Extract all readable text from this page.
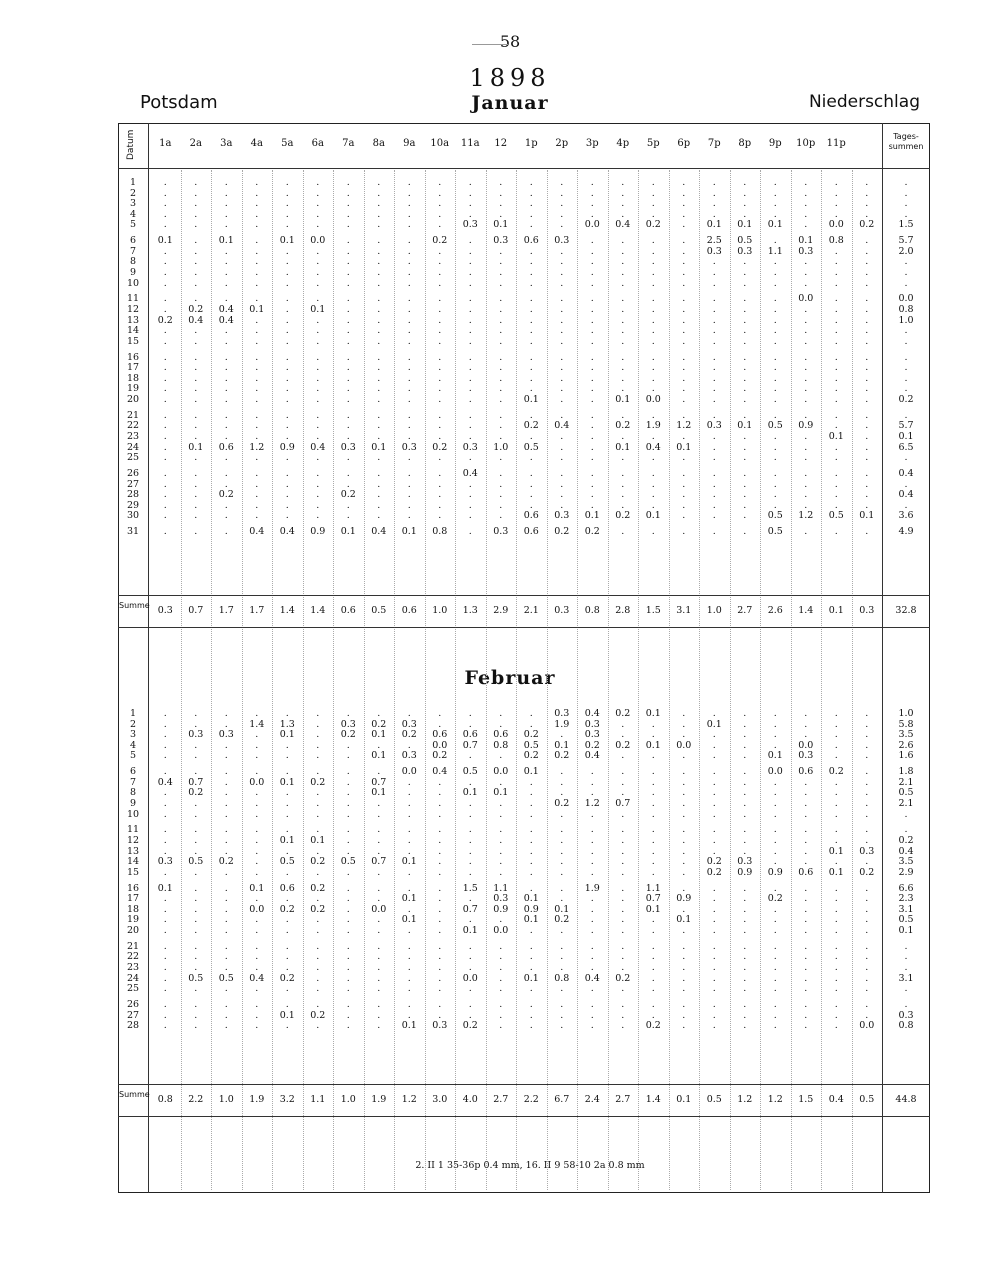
58
1898
Potsdam	Niederschlag
Januar
Februar
Datum	1a	2a	3a	4a	5a	6a	7a	8a	9a	10a	11a	12	1p	2p	3p	4p	5p	6p	7p	8p	9p	10p	11p
Tages-summen
1	.	.	.	.	.	.	.	.	.	.	.	.	.	.	.	.	.	.	.	.	.	.	.	.	.
2	.	.	.	.	.	.	.	.	.	.	.	.	.	.	.	.	.	.	.	.	.	.	.	.	.
3	.	.	.	.	.	.	.	.	.	.	.	.	.	.	.	.	.	.	.	.	.	.	.	.	.
4	.	.	.	.	.	.	.	.	.	.	.	.	.	.	.	.	.	.	.	.	.	.	.	.	.
5	.	.	.	.	.	.	.	.	.	.	0.3	0.1	.	.	0.0	0.4	0.2	.	0.1	0.1	0.1	.	0.0	0.2	1.5
6	0.1	.	0.1	.	0.1	0.0	.	.	.	0.2	.	0.3	0.6	0.3	.	.	.	.	2.5	0.5	.	0.1	0.8	.	5.7
7	.	.	.	.	.	.	.	.	.	.	.	.	.	.	.	.	.	.	0.3	0.3	1.1	0.3	.	.	2.0
8	.	.	.	.	.	.	.	.	.	.	.	.	.	.	.	.	.	.	.	.	.	.	.	.	.
9	.	.	.	.	.	.	.	.	.	.	.	.	.	.	.	.	.	.	.	.	.	.	.	.	.
10	.	.	.	.	.	.	.	.	.	.	.	.	.	.	.	.	.	.	.	.	.	.	.	.	.
11	.	.	.	.	.	.	.	.	.	.	.	.	.	.	.	.	.	.	.	.	.	0.0	.	.	0.0
12	.	0.2	0.4	0.1	.	0.1	.	.	.	.	.	.	.	.	.	.	.	.	.	.	.	.	.	.	0.8
13	0.2	0.4	0.4	.	.	.	.	.	.	.	.	.	.	.	.	.	.	.	.	.	.	.	.	.	1.0
14	.	.	.	.	.	.	.	.	.	.	.	.	.	.	.	.	.	.	.	.	.	.	.	.	.
15	.	.	.	.	.	.	.	.	.	.	.	.	.	.	.	.	.	.	.	.	.	.	.	.	.
16	.	.	.	.	.	.	.	.	.	.	.	.	.	.	.	.	.	.	.	.	.	.	.	.	.
17	.	.	.	.	.	.	.	.	.	.	.	.	.	.	.	.	.	.	.	.	.	.	.	.	.
18	.	.	.	.	.	.	.	.	.	.	.	.	.	.	.	.	.	.	.	.	.	.	.	.	.
19	.	.	.	.	.	.	.	.	.	.	.	.	.	.	.	.	.	.	.	.	.	.	.	.	.
20	.	.	.	.	.	.	.	.	.	.	.	.	0.1	.	.	0.1	0.0	.	.	.	.	.	.	.	0.2
21	.	.	.	.	.	.	.	.	.	.	.	.	.	.	.	.	.	.	.	.	.	.	.	.	.
22	.	.	.	.	.	.	.	.	.	.	.	.	0.2	0.4	.	0.2	1.9	1.2	0.3	0.1	0.5	0.9	.	.	5.7
23	.	.	.	.	.	.	.	.	.	.	.	.	.	.	.	.	.	.	.	.	.	.	0.1	.	0.1
24	.	0.1	0.6	1.2	0.9	0.4	0.3	0.1	0.3	0.2	0.3	1.0	0.5	.	.	0.1	0.4	0.1	.	.	.	.	.	.	6.5
25	.	.	.	.	.	.	.	.	.	.	.	.	.	.	.	.	.	.	.	.	.	.	.	.	.
26	.	.	.	.	.	.	.	.	.	.	0.4	.	.	.	.	.	.	.	.	.	.	.	.	.	0.4
27	.	.	.	.	.	.	.	.	.	.	.	.	.	.	.	.	.	.	.	.	.	.	.	.	.
28	.	.	0.2	.	.	.	0.2	.	.	.	.	.	.	.	.	.	.	.	.	.	.	.	.	.	0.4
29	.	.	.	.	.	.	.	.	.	.	.	.	.	.	.	.	.	.	.	.	.	.	.	.	.
30	.	.	.	.	.	.	.	.	.	.	.	.	0.6	0.3	0.1	0.2	0.1	.	.	.	0.5	1.2	0.5	0.1	3.6
31	.	.	.	0.4	0.4	0.9	0.1	0.4	0.1	0.8	.	0.3	0.6	0.2	0.2	.	.	.	.	.	0.5	.	.	.	4.9
Summe 0.3	0.7	1.7	1.7	1.4	1.4	0.6	0.5	0.6	1.0	1.3	2.9	2.1	0.3	0.8	2.8	1.5	3.1	1.0	2.7	2.6	1.4	0.1	0.3	32.8
1	.	.	.	.	.	.	.	.	.	.	.	.	.	0.3	0.4	0.2	0.1	.	.	.	.	.	.	.	1.0
2	.	.	.	1.4	1.3	.	0.3	0.2	0.3	.	.	.	.	1.9	0.3	.	.	.	0.1	.	.	.	.	.	5.8
3	.	0.3	0.3	.	0.1	.	0.2	0.1	0.2	0.6	0.6	0.6	0.2	.	0.3	.	.	.	.	.	.	.	.	.	3.5
4	.	.	.	.	.	.	.	.	.	0.0	0.7	0.8	0.5	0.1	0.2	0.2	0.1	0.0	.	.	.	0.0	.	.	2.6
5	.	.	.	.	.	.	.	0.1	0.3	0.2	.	.	0.2	0.2	0.4	.	.	.	.	.	0.1	0.3	.	.	1.6
6	.	.	.	.	.	.	.	.	0.0	0.4	0.5	0.0	0.1	.	.	.	.	.	.	.	0.0	0.6	0.2	.	1.8
7	0.4	0.7	.	0.0	0.1	0.2	.	0.7	.	.	.	.	.	.	.	.	.	.	.	.	.	.	.	.	2.1
8	.	0.2	.	.	.	.	.	0.1	.	.	0.1	0.1	.	.	.	.	.	.	.	.	.	.	.	.	0.5
9	.	.	.	.	.	.	.	.	.	.	.	.	.	0.2	1.2	0.7	.	.	.	.	.	.	.	.	2.1
10	.	.	.	.	.	.	.	.	.	.	.	.	.	.	.	.	.	.	.	.	.	.	.	.	.
11	.	.	.	.	.	.	.	.	.	.	.	.	.	.	.	.	.	.	.	.	.	.	.	.	.
12	.	.	.	.	0.1	0.1	.	.	.	.	.	.	.	.	.	.	.	.	.	.	.	.	.	.	0.2
13	.	.	.	.	.	.	.	.	.	.	.	.	.	.	.	.	.	.	.	.	.	.	0.1	0.3	0.4
14	0.3	0.5	0.2	.	0.5	0.2	0.5	0.7	0.1	.	.	.	.	.	.	.	.	.	0.2	0.3	.	.	.	.	3.5
15	.	.	.	.	.	.	.	.	.	.	.	.	.	.	.	.	.	.	0.2	0.9	0.9	0.6	0.1	0.2	2.9
16	0.1	.	.	0.1	0.6	0.2	.	.	.	.	1.5	1.1	.	.	1.9	.	1.1	.	.	.	.	.	.	.	6.6
17	.	.	.	.	.	.	.	.	0.1	.	.	0.3	0.1	.	.	.	0.7	0.9	.	.	0.2	.	.	.	2.3
18	.	.	.	0.0	0.2	0.2	.	0.0	.	.	0.7	0.9	0.9	0.1	.	.	0.1	.	.	.	.	.	.	.	3.1
19	.	.	.	.	.	.	.	.	0.1	.	.	.	0.1	0.2	.	.	.	0.1	.	.	.	.	.	.	0.5
20	.	.	.	.	.	.	.	.	.	.	0.1	0.0	.	.	.	.	.	.	.	.	.	.	.	.	0.1
21	.	.	.	.	.	.	.	.	.	.	.	.	.	.	.	.	.	.	.	.	.	.	.	.	.
22	.	.	.	.	.	.	.	.	.	.	.	.	.	.	.	.	.	.	.	.	.	.	.	.	.
23	.	.	.	.	.	.	.	.	.	.	.	.	.	.	.	.	.	.	.	.	.	.	.	.	.
24	.	0.5	0.5	0.4	0.2	.	.	.	.	.	0.0	.	0.1	0.8	0.4	0.2	.	.	.	.	.	.	.	.	3.1
25	.	.	.	.	.	.	.	.	.	.	.	.	.	.	.	.	.	.	.	.	.	.	.	.	.
26	.	.	.	.	.	.	.	.	.	.	.	.	.	.	.	.	.	.	.	.	.	.	.	.	.
27	.	.	.	.	0.1	0.2	.	.	.	.	.	.	.	.	.	.	.	.	.	.	.	.	.	.	0.3
28	.	.	.	.	.	.	.	.	0.1	0.3	0.2	.	.	.	.	.	0.2	.	.	.	.	.	.	0.0	0.8
Summe 0.8	2.2	1.0	1.9	3.2	1.1	1.0	1.9	1.2	3.0	4.0	2.7	2.2	6.7	2.4	2.7	1.4	0.1	0.5	1.2	1.2	1.5	0.4	0.5	44.8
2. II 1 35-36p 0.4 mm, 16. II 9 58-10 2a 0.8 mm
